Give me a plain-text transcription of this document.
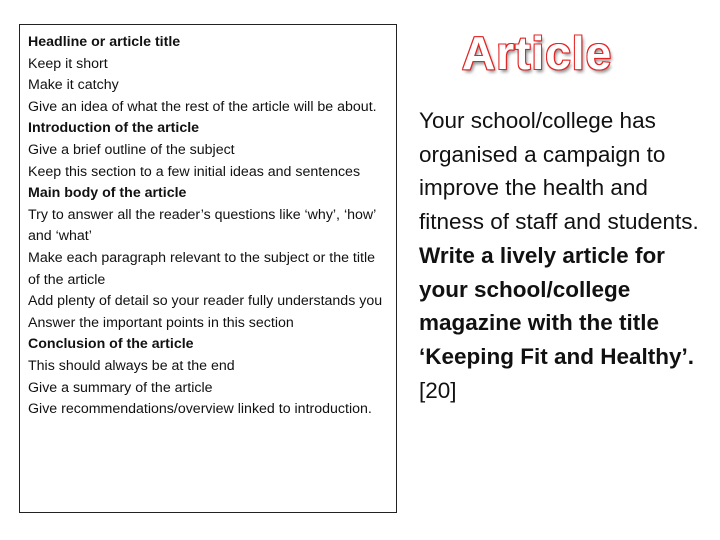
Headline or article title
Keep it short
Make it catchy
Give an idea of what the rest of the article will be about.
Introduction of the article
Give a brief outline of the subject
Keep this section to a few initial ideas and sentences
Main body of the article
Try to answer all the reader’s questions like ‘why’, ‘how’ and ‘what’
Make each paragraph relevant to the subject or the title of the article
Add plenty of detail so your reader fully understands you
Answer the important points in this section
Conclusion of the article
This should always be at the end
Give a summary of the article
Give recommendations/overview linked to introduction.
Article
Your school/college has organised a campaign to improve the health and fitness of staff and students.
Write a lively article for your school/college magazine with the title ‘Keeping Fit and Healthy’.
[20]
